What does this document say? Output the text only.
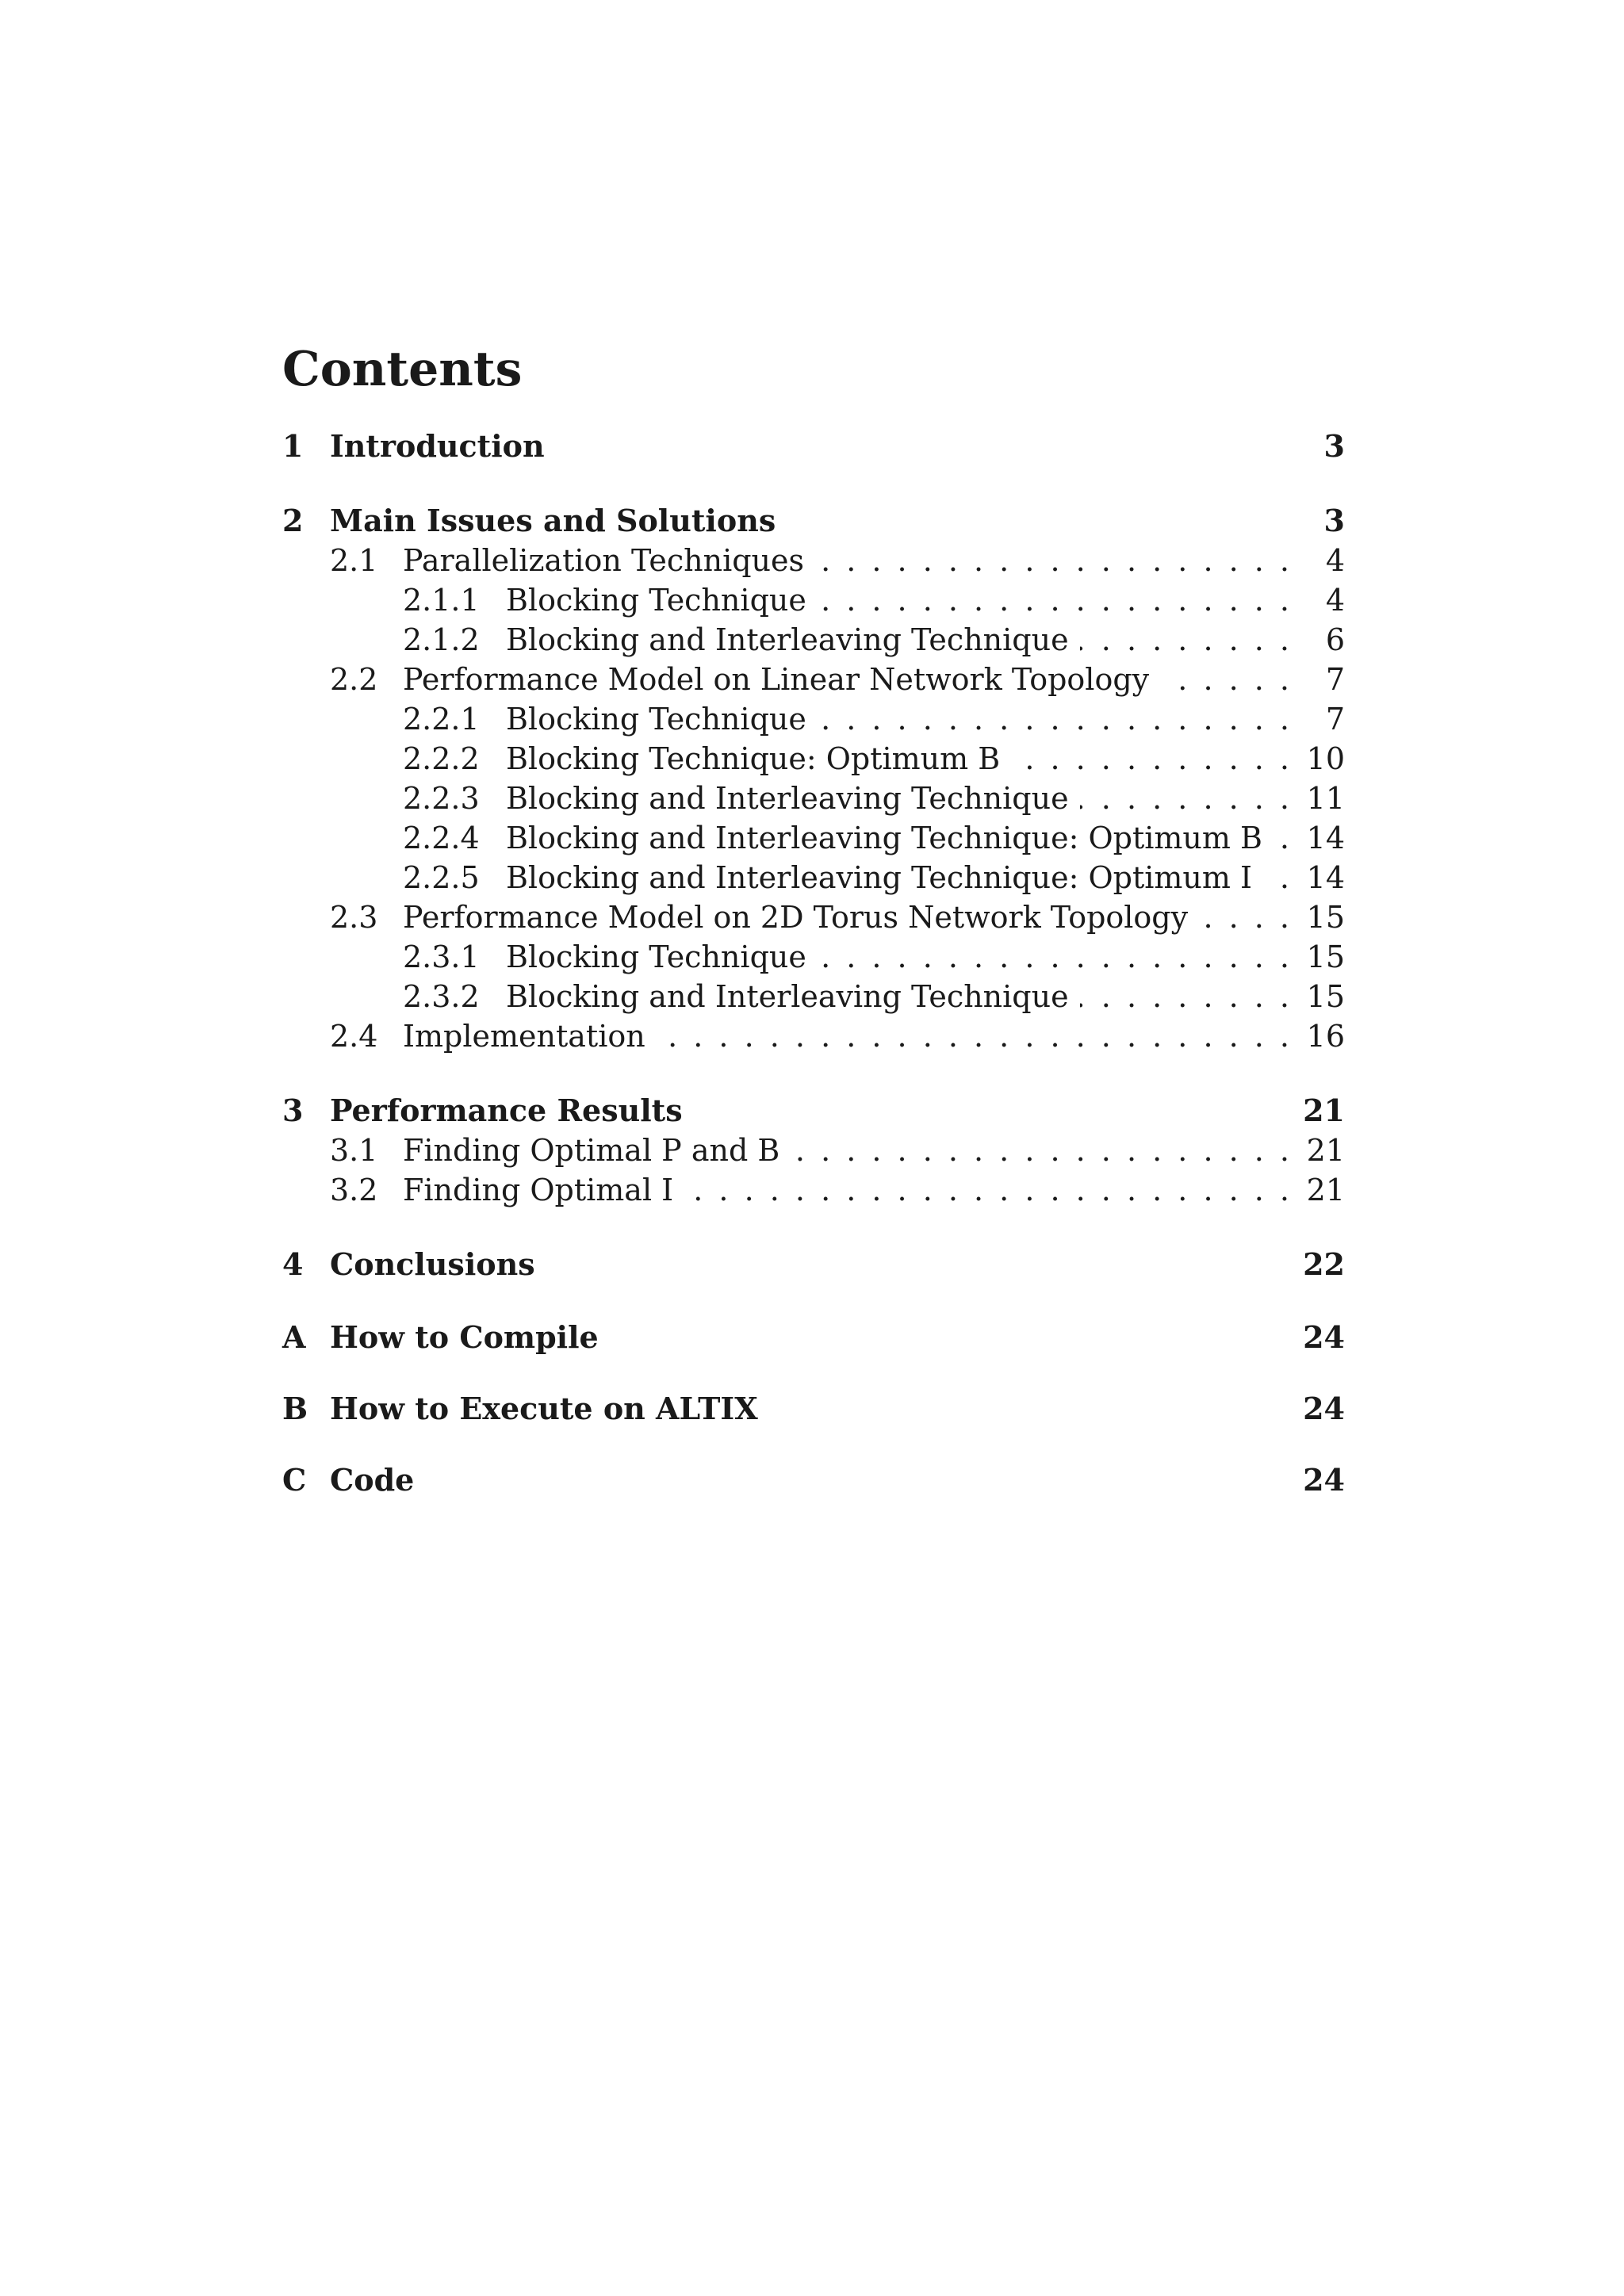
Contents
1 Introduction	3
2 Main Issues and Solutions	3
2.1 Parallelization Techniques . . .	4
2.1.1 Blocking Technique . . .	4
2.1.2 Blocking and Interleaving Technique . . .	6
2.2 Performance Model on Linear Network Topology . . .	7
2.2.1 Blocking Technique . . .	7
2.2.2 Blocking Technique: Optimum B . . .	10
2.2.3 Blocking and Interleaving Technique . . .	11
2.2.4 Blocking and Interleaving Technique: Optimum B . . . 14
2.2.5 Blocking and Interleaving Technique: Optimum I . . . 14
2.3 Performance Model on 2D Torus Network Topology . . .	15
2.3.1 Blocking Technique . . .	15
2.3.2 Blocking and Interleaving Technique . . .	15
2.4 Implementation . . .	16
3 Performance Results	21
3.1 Finding Optimal P and B . . .	21
3.2 Finding Optimal I . . .	21
4 Conclusions	22
A How to Compile	24
B How to Execute on ALTIX	24
C Code	24
